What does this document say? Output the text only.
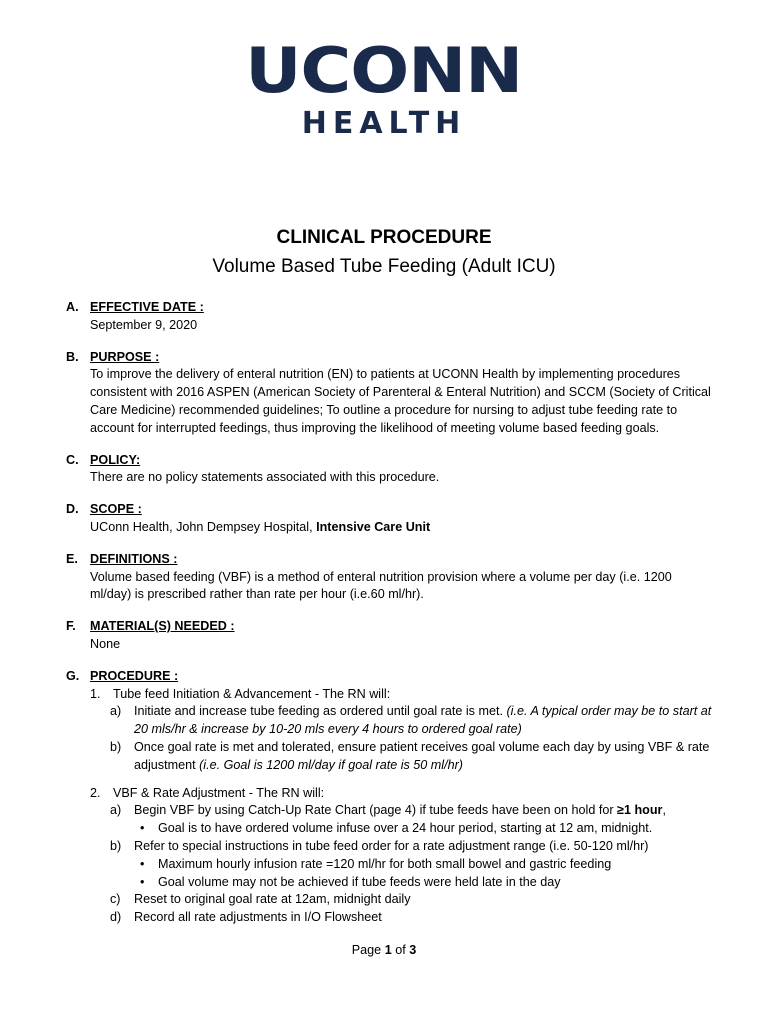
UCONN
HEALTH
CLINICAL PROCEDURE
Volume Based Tube Feeding (Adult ICU)
A. EFFECTIVE DATE :
September 9, 2020
B. PURPOSE :
To improve the delivery of enteral nutrition (EN) to patients at UCONN Health by implementing procedures consistent with 2016 ASPEN (American Society of Parenteral & Enteral Nutrition) and SCCM (Society of Critical Care Medicine) recommended guidelines; To outline a procedure for nursing to adjust tube feeding rate to account for interrupted feedings, thus improving the likelihood of meeting volume based feeding goals.
C. POLICY:
There are no policy statements associated with this procedure.
D. SCOPE :
UConn Health, John Dempsey Hospital, Intensive Care Unit
E. DEFINITIONS :
Volume based feeding (VBF) is a method of enteral nutrition provision where a volume per day (i.e. 1200 ml/day) is prescribed rather than rate per hour (i.e.60 ml/hr).
F. MATERIAL(S) NEEDED :
None
G. PROCEDURE :
1. Tube feed Initiation & Advancement - The RN will:
a) Initiate and increase tube feeding as ordered until goal rate is met. (i.e. A typical order may be to start at 20 mls/hr & increase by 10-20 mls every 4 hours to ordered goal rate)
b) Once goal rate is met and tolerated, ensure patient receives goal volume each day by using VBF & rate adjustment (i.e. Goal is 1200 ml/day if goal rate is 50 ml/hr)
2. VBF & Rate Adjustment - The RN will:
a) Begin VBF by using Catch-Up Rate Chart (page 4) if tube feeds have been on hold for ≥1 hour,
• Goal is to have ordered volume infuse over a 24 hour period, starting at 12 am, midnight.
b) Refer to special instructions in tube feed order for a rate adjustment range (i.e. 50-120 ml/hr)
• Maximum hourly infusion rate =120 ml/hr for both small bowel and gastric feeding
• Goal volume may not be achieved if tube feeds were held late in the day
c) Reset to original goal rate at 12am, midnight daily
d) Record all rate adjustments in I/O Flowsheet
Page 1 of 3
